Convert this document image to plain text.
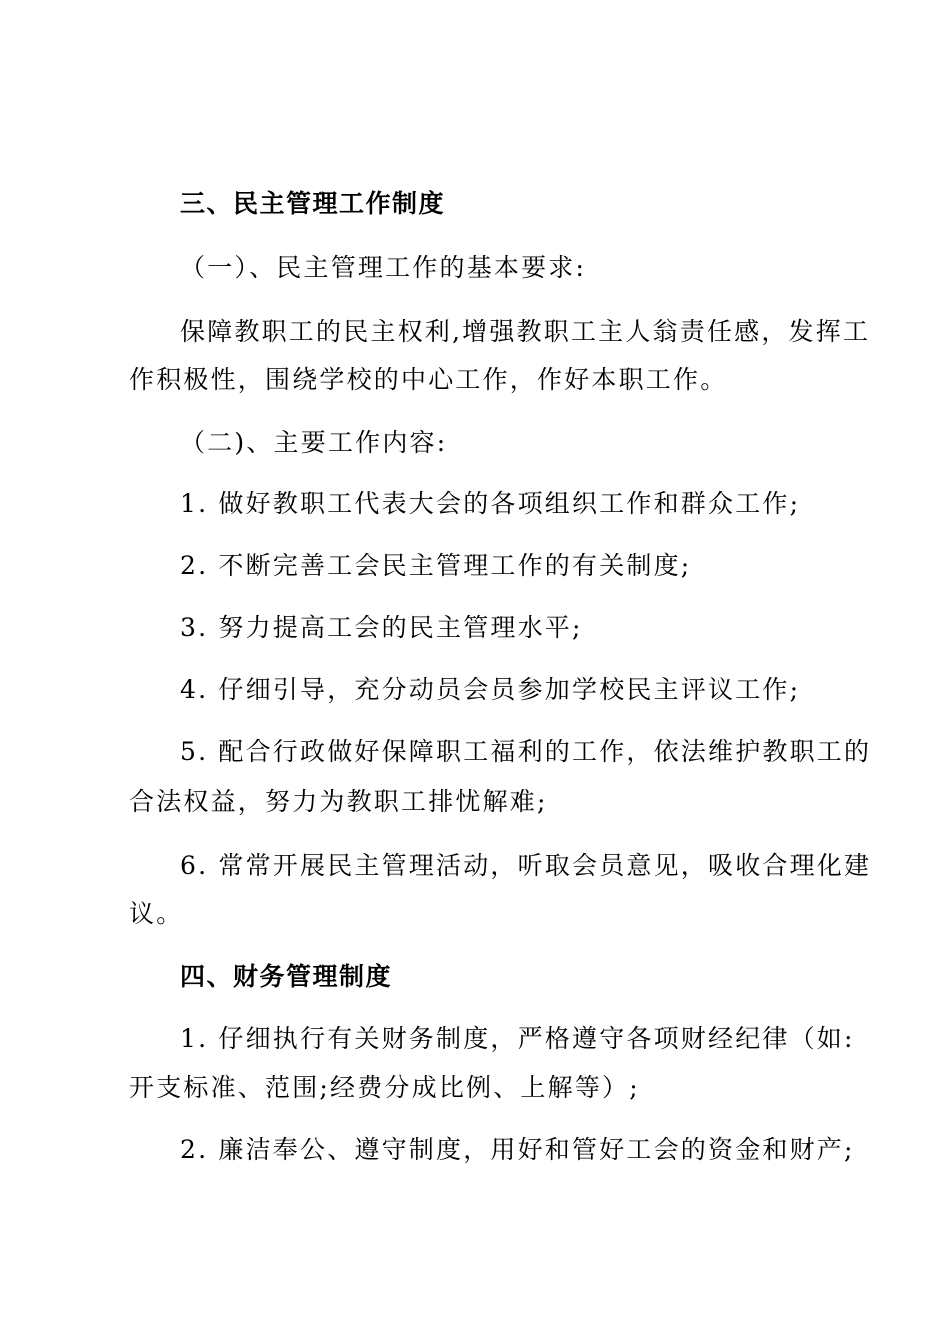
三、民主管理工作制度
（一）、民主管理工作的基本要求:
保障教职工的民主权利,增强教职工主人翁责任感，发挥工
作积极性，围绕学校的中心工作，作好本职工作。
（二)、主要工作内容:
1. 做好教职工代表大会的各项组织工作和群众工作;
2. 不断完善工会民主管理工作的有关制度;
3. 努力提高工会的民主管理水平;
4. 仔细引导，充分动员会员参加学校民主评议工作;
5. 配合行政做好保障职工福利的工作，依法维护教职工的
合法权益，努力为教职工排忧解难;
6. 常常开展民主管理活动，听取会员意见，吸收合理化建
议。
四、财务管理制度
1. 仔细执行有关财务制度，严格遵守各项财经纪律（如:
开支标准、范围;经费分成比例、上解等）;
2. 廉洁奉公、遵守制度，用好和管好工会的资金和财产;
